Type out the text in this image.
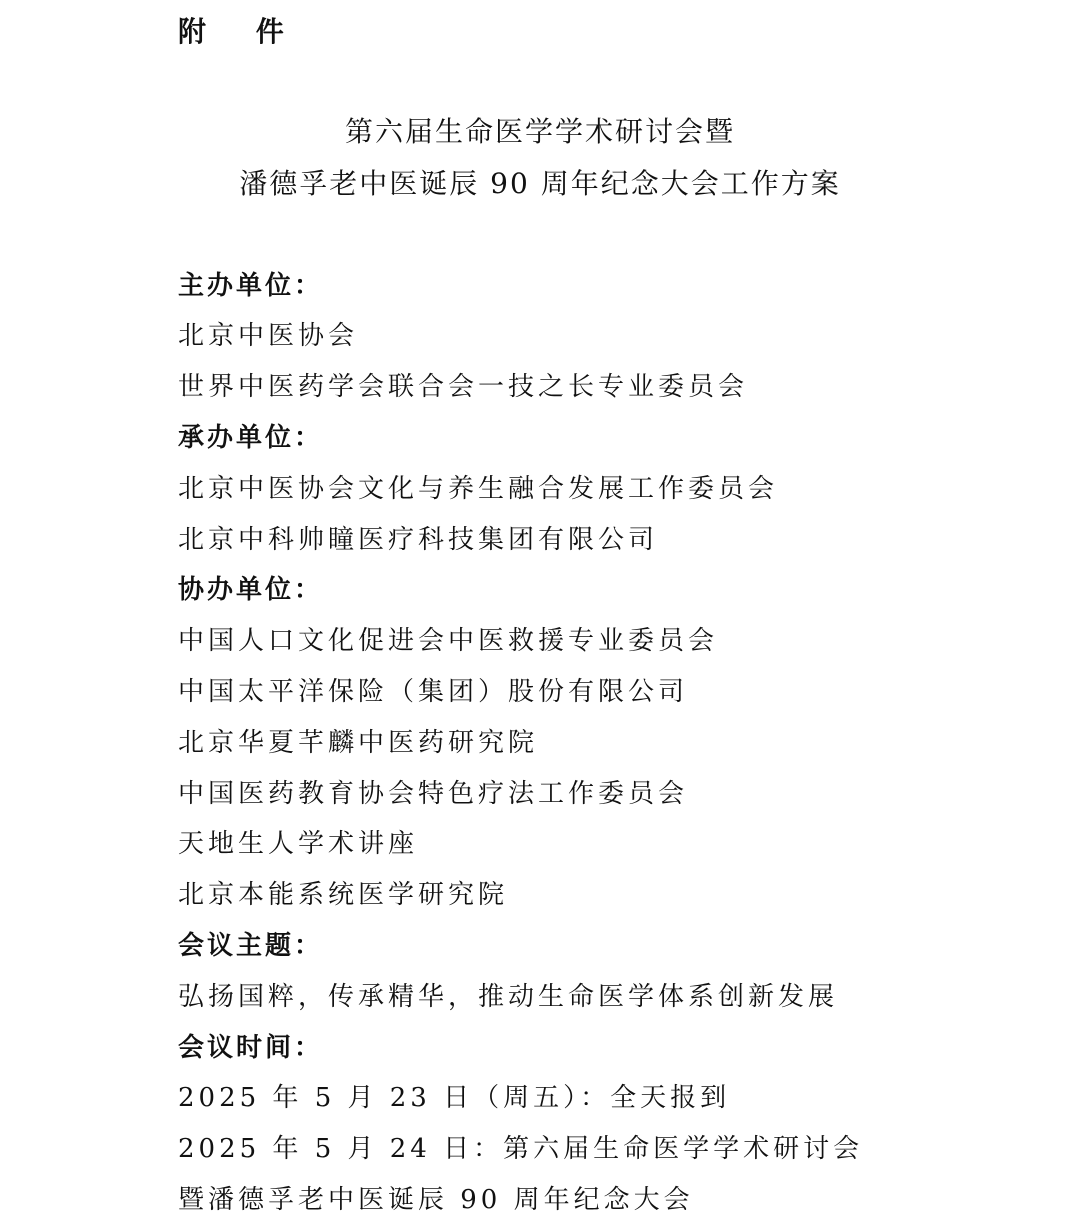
附 件
第六届生命医学学术研讨会暨
潘德孚老中医诞辰 90 周年纪念大会工作方案
主办单位：
北京中医协会
世界中医药学会联合会一技之长专业委员会
承办单位：
北京中医协会文化与养生融合发展工作委员会
北京中科帅瞳医疗科技集团有限公司
协办单位：
中国人口文化促进会中医救援专业委员会
中国太平洋保险（集团）股份有限公司
北京华夏芊麟中医药研究院
中国医药教育协会特色疗法工作委员会
天地生人学术讲座
北京本能系统医学研究院
会议主题：
弘扬国粹，传承精华，推动生命医学体系创新发展
会议时间：
2025 年 5 月 23 日（周五）：全天报到
2025 年 5 月 24 日：第六届生命医学学术研讨会
暨潘德孚老中医诞辰 90 周年纪念大会
